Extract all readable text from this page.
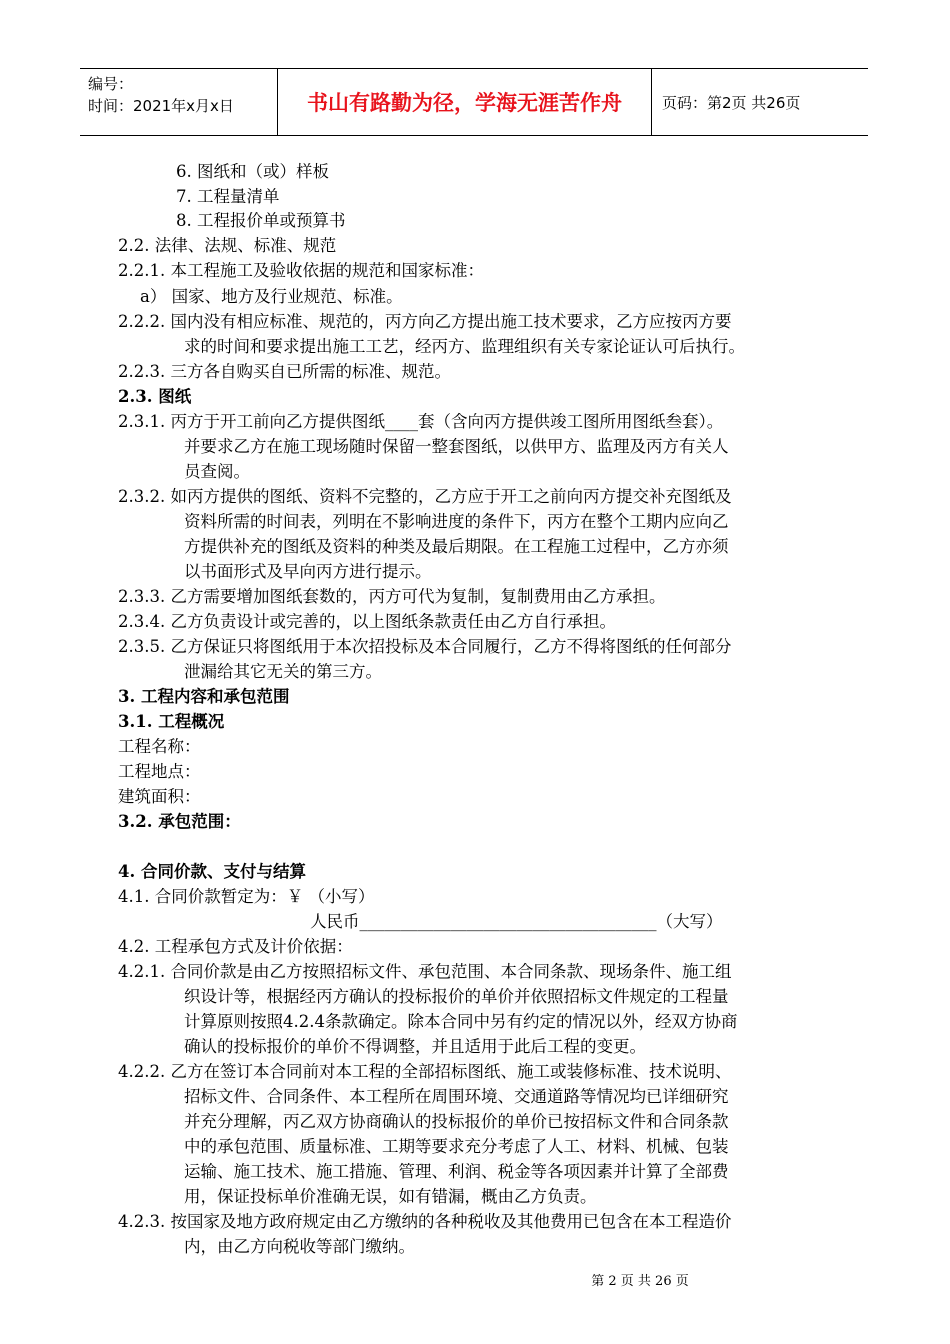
编号：
时间：2021年x月x日	书山有路勤为径，学海无涯苦作舟	页码：第2页 共26页
6. 图纸和（或）样板
7. 工程量清单
8. 工程报价单或预算书
2.2. 法律、法规、标准、规范
2.2.1. 本工程施工及验收依据的规范和国家标准：
a） 国家、地方及行业规范、标准。
2.2.2. 国内没有相应标准、规范的，丙方向乙方提出施工技术要求，乙方应按丙方要
求的时间和要求提出施工工艺，经丙方、监理组织有关专家论证认可后执行。
2.2.3. 三方各自购买自已所需的标准、规范。
2.3. 图纸
2.3.1. 丙方于开工前向乙方提供图纸____套（含向丙方提供竣工图所用图纸叁套）。
并要求乙方在施工现场随时保留一整套图纸，以供甲方、监理及丙方有关人
员查阅。
2.3.2. 如丙方提供的图纸、资料不完整的，乙方应于开工之前向丙方提交补充图纸及
资料所需的时间表，列明在不影响进度的条件下，丙方在整个工期内应向乙
方提供补充的图纸及资料的种类及最后期限。在工程施工过程中，乙方亦须
以书面形式及早向丙方进行提示。
2.3.3. 乙方需要增加图纸套数的，丙方可代为复制，复制费用由乙方承担。
2.3.4. 乙方负责设计或完善的，以上图纸条款责任由乙方自行承担。
2.3.5. 乙方保证只将图纸用于本次招投标及本合同履行，乙方不得将图纸的任何部分
泄漏给其它无关的第三方。
3. 工程内容和承包范围
3.1. 工程概况
工程名称：
工程地点：
建筑面积：
3.2. 承包范围：
4. 合同价款、支付与结算
4.1. 合同价款暂定为：￥ （小写）
人民币____________________________________（大写）
4.2. 工程承包方式及计价依据：
4.2.1. 合同价款是由乙方按照招标文件、承包范围、本合同条款、现场条件、施工组
织设计等，根据经丙方确认的投标报价的单价并依照招标文件规定的工程量
计算原则按照4.2.4条款确定。除本合同中另有约定的情况以外，经双方协商
确认的投标报价的单价不得调整，并且适用于此后工程的变更。
4.2.2. 乙方在签订本合同前对本工程的全部招标图纸、施工或装修标准、技术说明、
招标文件、合同条件、本工程所在周围环境、交通道路等情况均已详细研究
并充分理解，丙乙双方协商确认的投标报价的单价已按招标文件和合同条款
中的承包范围、质量标准、工期等要求充分考虑了人工、材料、机械、包装
运输、施工技术、施工措施、管理、利润、税金等各项因素并计算了全部费
用，保证投标单价准确无误，如有错漏，概由乙方负责。
4.2.3. 按国家及地方政府规定由乙方缴纳的各种税收及其他费用已包含在本工程造价
内，由乙方向税收等部门缴纳。
第 2 页 共 26 页
